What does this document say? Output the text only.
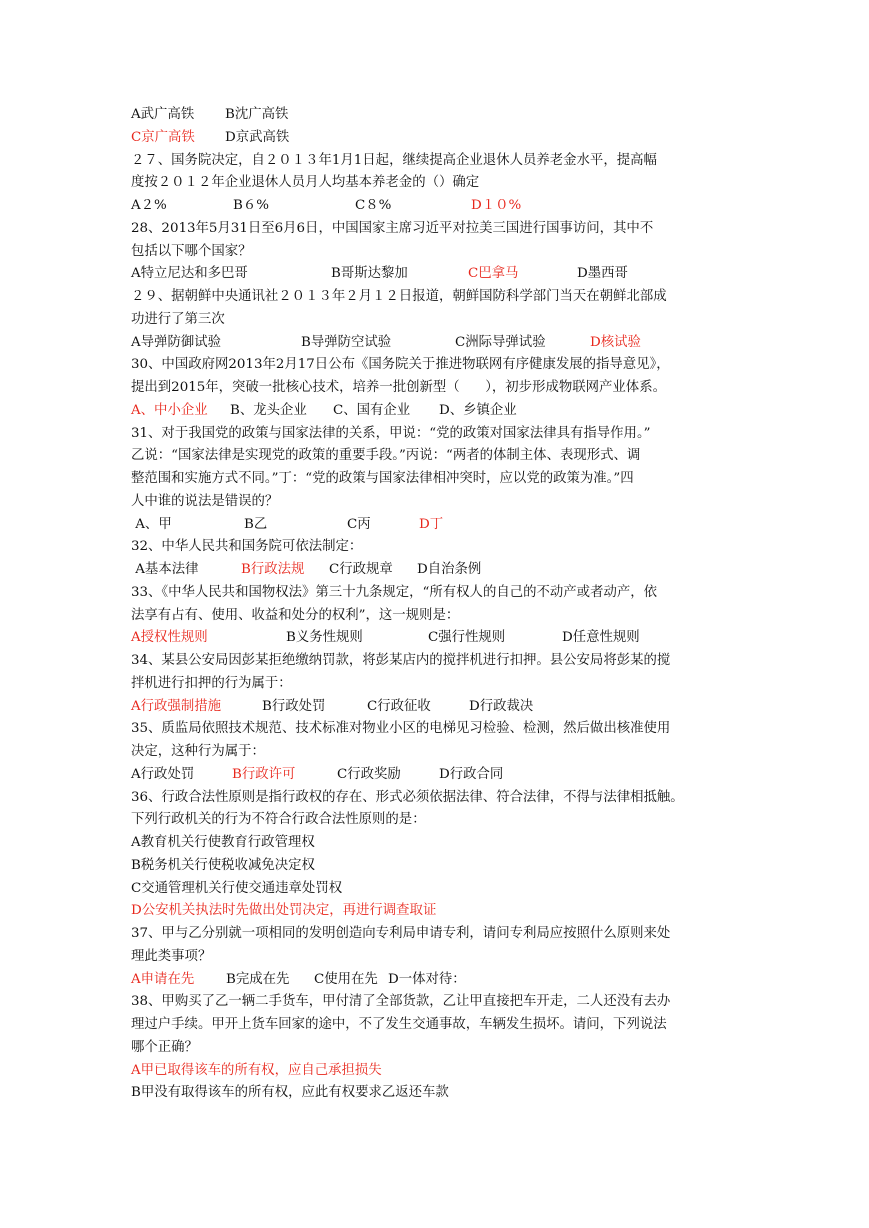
A武广高铁 B沈广高铁
C京广高铁 D京武高铁
２７、国务院决定，自２０１３年1月1日起，继续提高企业退休人员养老金水平，提高幅
度按２０１２年企业退休人员月人均基本养老金的（）确定
A２%	B６%	C８%	D１０%
28、2013年5月31日至6月6日，中国国家主席习近平对拉美三国进行国事访问，其中不
包括以下哪个国家？
A特立尼达和多巴哥	B哥斯达黎加	C巴拿马	D墨西哥
２９、据朝鲜中央通讯社２０１３年２月１２日报道，朝鲜国防科学部门当天在朝鲜北部成
功进行了第三次
A导弹防御试验	B导弹防空试验	C洲际导弹试验	D核试验
30、中国政府网2013年2月17日公布《国务院关于推进物联网有序健康发展的指导意见》，
提出到2015年，突破一批核心技术，培养一批创新型（      ），初步形成物联网产业体系。
A、中小企业 B、龙头企业 C、国有企业 D、乡镇企业
31、对于我国党的政策与国家法律的关系，甲说：“党的政策对国家法律具有指导作用。”
乙说：“国家法律是实现党的政策的重要手段。”丙说：“两者的体制主体、表现形式、调
整范围和实施方式不同。”丁：“党的政策与国家法律相冲突时，应以党的政策为准。”四
人中谁的说法是错误的？
A、甲	B乙	C丙	D丁
32、中华人民共和国务院可依法制定：
A基本法律	B行政法规 C行政规章 D自治条例
33、《中华人民共和国物权法》第三十九条规定，“所有权人的自己的不动产或者动产，依
法享有占有、使用、收益和处分的权利”，这一规则是：
A授权性规则	B义务性规则	C强行性规则	D任意性规则
34、某县公安局因彭某拒绝缴纳罚款，将彭某店内的搅拌机进行扣押。县公安局将彭某的搅
拌机进行扣押的行为属于：
A行政强制措施	B行政处罚	C行政征收	D行政裁决
35、质监局依照技术规范、技术标准对物业小区的电梯见习检验、检测，然后做出核准使用
决定，这种行为属于：
A行政处罚	B行政许可	C行政奖励	D行政合同
36、行政合法性原则是指行政权的存在、形式必须依据法律、符合法律，不得与法律相抵触。
下列行政机关的行为不符合行政合法性原则的是：
A教育机关行使教育行政管理权
B税务机关行使税收减免决定权
C交通管理机关行使交通违章处罚权
D公安机关执法时先做出处罚决定，再进行调查取证
37、甲与乙分别就一项相同的发明创造向专利局申请专利，请问专利局应按照什么原则来处
理此类事项？
A申请在先 B完成在先 C使用在先 D一体对待：
38、甲购买了乙一辆二手货车，甲付清了全部货款，乙让甲直接把车开走，二人还没有去办
理过户手续。甲开上货车回家的途中，不了发生交通事故，车辆发生损坏。请问，下列说法
哪个正确？
A甲已取得该车的所有权，应自己承担损失
B甲没有取得该车的所有权，应此有权要求乙返还车款
